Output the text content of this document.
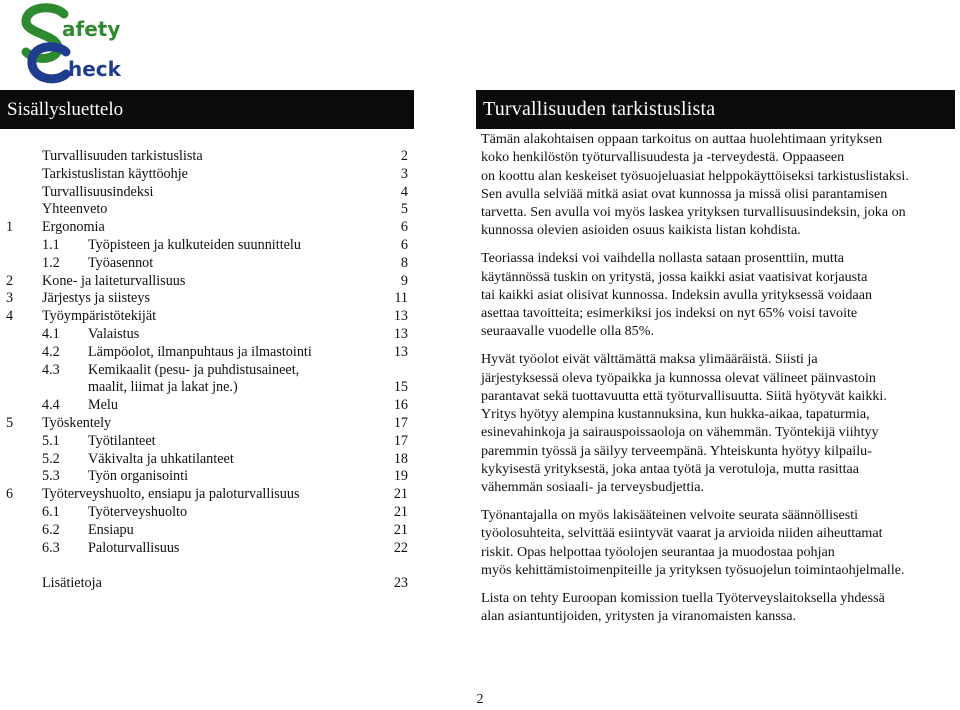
afety
heck
Sisällysluettelo	Turvallisuuden tarkistuslista
Turvallisuuden tarkistuslista	2
Tarkistuslistan käyttöohje	3
Turvallisuusindeksi	4
Yhteenveto	5
1 Ergonomia	6
1.1 Työpisteen ja kulkuteiden suunnittelu	6
1.2 Työasennot	8
2 Kone- ja laiteturvallisuus	9
3 Järjestys ja siisteys	11
4 Työympäristötekijät	13
4.1 Valaistus	13
4.2 Lämpöolot, ilmanpuhtaus ja ilmastointi	13
4.3 Kemikaalit (pesu- ja puhdistusaineet,
maalit, liimat ja lakat jne.)	15
4.4 Melu	16
5 Työskentely	17
5.1 Työtilanteet	17
5.2 Väkivalta ja uhkatilanteet	18
5.3 Työn organisointi	19
6 Työterveyshuolto, ensiapu ja paloturvallisuus	21
6.1 Työterveyshuolto	21
6.2 Ensiapu	21
6.3 Paloturvallisuus	22
Lisätietoja	23

Tämän alakohtaisen oppaan tarkoitus on auttaa huolehtimaan yrityksen
koko henkilöstön työturvallisuudesta ja -terveydestä. Oppaaseen
on koottu alan keskeiset työsuojeluasiat helppokäyttöiseksi tarkistuslistaksi.
Sen avulla selviää mitkä asiat ovat kunnossa ja missä olisi parantamisen
tarvetta. Sen avulla voi myös laskea yrityksen turvallisuusindeksin, joka on
kunnossa olevien asioiden osuus kaikista listan kohdista.

Teoriassa indeksi voi vaihdella nollasta sataan prosenttiin, mutta
käytännössä tuskin on yritystä, jossa kaikki asiat vaatisivat korjausta
tai kaikki asiat olisivat kunnossa. Indeksin avulla yrityksessä voidaan
asettaa tavoitteita; esimerkiksi jos indeksi on nyt 65% voisi tavoite
seuraavalle vuodelle olla 85%.

Hyvät työolot eivät välttämättä maksa ylimääräistä. Siisti ja
järjestyksessä oleva työpaikka ja kunnossa olevat välineet päinvastoin
parantavat sekä tuottavuutta että työturvallisuutta. Siitä hyötyvät kaikki.
Yritys hyötyy alempina kustannuksina, kun hukka-aikaa, tapaturmia,
esinevahinkoja ja sairauspoissaoloja on vähemmän. Työntekijä viihtyy
paremmin työssä ja säilyy terveempänä. Yhteiskunta hyötyy kilpailu-
kykyisestä yrityksestä, joka antaa työtä ja verotuloja, mutta rasittaa
vähemmän sosiaali- ja terveysbudjettia.

Työnantajalla on myös lakisääteinen velvoite seurata säännöllisesti
työolosuhteita, selvittää esiintyvät vaarat ja arvioida niiden aiheuttamat
riskit. Opas helpottaa työolojen seurantaa ja muodostaa pohjan
myös kehittämistoimenpiteille ja yrityksen työsuojelun toimintaohjelmalle.

Lista on tehty Euroopan komission tuella Työterveyslaitoksella yhdessä
alan asiantuntijoiden, yritysten ja viranomaisten kanssa.

2
